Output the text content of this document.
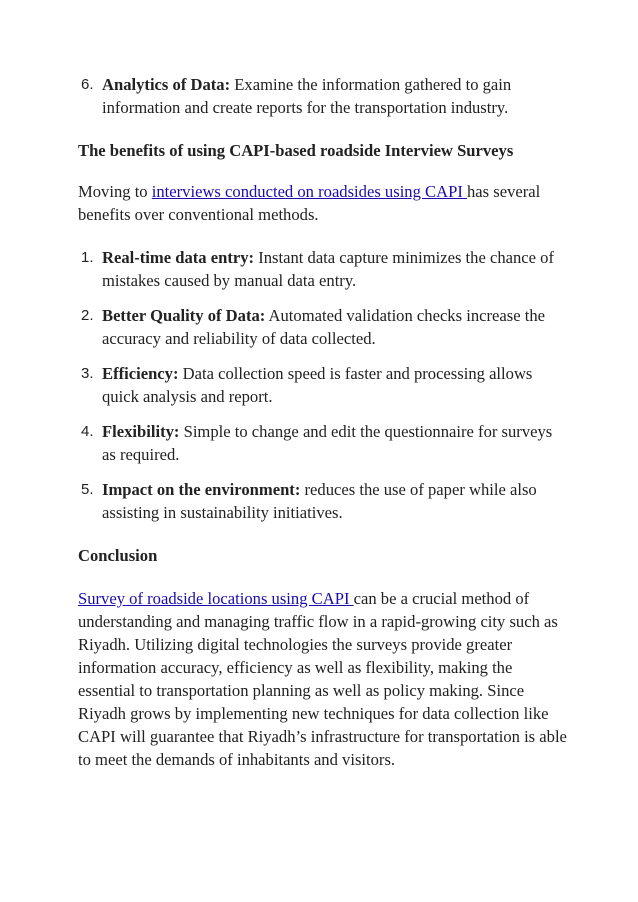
6. Analytics of Data: Examine the information gathered to gain information and create reports for the transportation industry.
The benefits of using CAPI-based roadside Interview Surveys

Moving to interviews conducted on roadsides using CAPI has several benefits over conventional methods.

1. Real-time data entry: Instant data capture minimizes the chance of mistakes caused by manual data entry.
2. Better Quality of Data: Automated validation checks increase the accuracy and reliability of data collected.
3. Efficiency: Data collection speed is faster and processing allows quick analysis and report.
4. Flexibility: Simple to change and edit the questionnaire for surveys as required.
5. Impact on the environment: reduces the use of paper while also assisting in sustainability initiatives.
Conclusion

Survey of roadside locations using CAPI can be a crucial method of understanding and managing traffic flow in a rapid-growing city such as Riyadh. Utilizing digital technologies the surveys provide greater information accuracy, efficiency as well as flexibility, making the essential to transportation planning as well as policy making. Since Riyadh grows by implementing new techniques for data collection like CAPI will guarantee that Riyadh’s infrastructure for transportation is able to meet the demands of inhabitants and visitors.
